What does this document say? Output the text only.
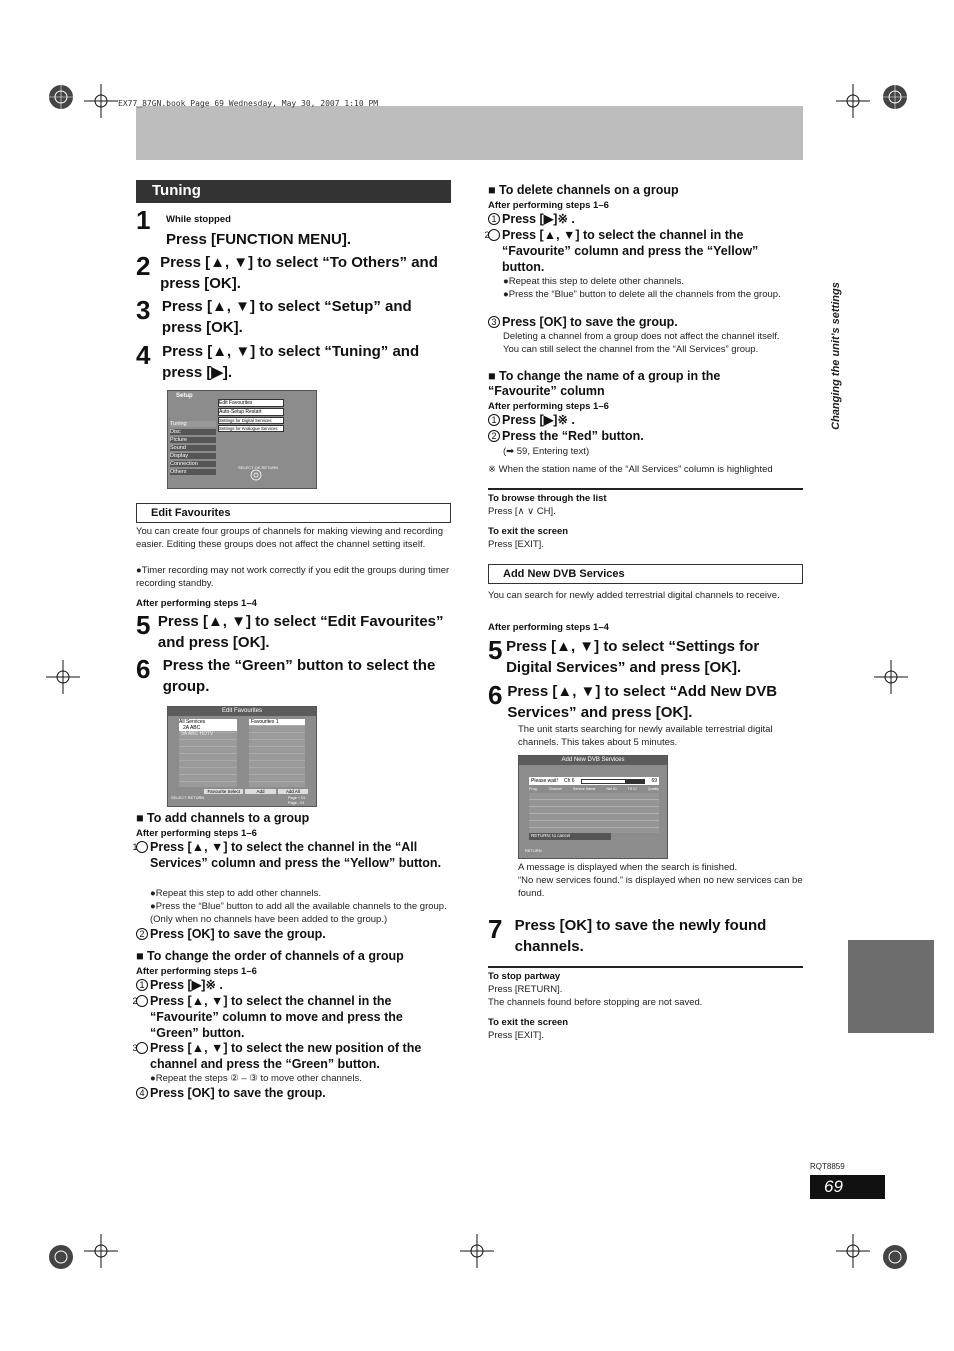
EX77_87GN.book Page 69 Wednesday, May 30, 2007 1:10 PM
Tuning
Changing the unit’s settings
RQT8859
69
While stopped
1
Press [FUNCTION MENU].
2 Press [▲, ▼] to select “To Others” and press [OK].
3 Press [▲, ▼] to select “Setup” and press [OK].
4 Press [▲, ▼] to select “Tuning” and press [▶].
Setup
Tuning
Disc
Picture
Sound
Display
Connection
Others
Edit Favourites
Auto-Setup Restart
Settings for Digital Services
Settings for Analogue Services
SELECT OK RETURN
Edit Favourites
You can create four groups of channels for making viewing and recording easier. Editing these groups does not affect the channel setting itself.
●Timer recording may not work correctly if you edit the groups during timer recording standby.
After performing steps 1–4
5 Press [▲, ▼] to select “Edit Favourites” and press [OK].
6 Press the “Green” button to select the group.
Edit Favourites
All Services
2A ABC
3A ABC HDTV
Favourites 1
Favourite Select	Add	Add All
SELECT RETURN	Page + 01
Page - 01
■ To add channels to a group
After performing steps 1–6
1 Press [▲, ▼] to select the channel in the “All Services” column and press the “Yellow” button.
●Repeat this step to add other channels.
●Press the “Blue” button to add all the available channels to the group. (Only when no channels have been added to the group.)
2 Press [OK] to save the group.
■ To change the order of channels of a group
After performing steps 1–6
1 Press [▶]※ .
2 Press [▲, ▼] to select the channel in the “Favourite” column to move and press the “Green” button.
3 Press [▲, ▼] to select the new position of the channel and press the “Green” button.
●Repeat the steps ② – ③ to move other channels.
4 Press [OK] to save the group.
■ To delete channels on a group
After performing steps 1–6
1 Press [▶]※ .
2 Press [▲, ▼] to select the channel in the “Favourite” column and press the “Yellow” button.
●Repeat this step to delete other channels.
●Press the “Blue” button to delete all the channels from the group.
3 Press [OK] to save the group.
Deleting a channel from a group does not affect the channel itself. You can still select the channel from the “All Services” group.
■ To change the name of a group in the “Favourite” column
After performing steps 1–6
1 Press [▶]※ .
2 Press the “Red” button.
(➡ 59, Entering text)
※ When the station name of the “All Services” column is highlighted
To browse through the list
Press [∧ ∨ CH].
To exit the screen
Press [EXIT].
Add New DVB Services
You can search for newly added terrestrial digital channels to receive.
After performing steps 1–4
5 Press [▲, ▼] to select “Settings for Digital Services” and press [OK].
6 Press [▲, ▼] to select “Add New DVB Services” and press [OK].
The unit starts searching for newly available terrestrial digital channels. This takes about 5 minutes.
Add New DVB Services
Please wait! Ch 6	69
Prog.	Channel	Service Name	Net ID	TS ID	Quality
RETURN: to cancel
RETURN
A message is displayed when the search is finished.
“No new services found.” is displayed when no new services can be found.
7 Press [OK] to save the newly found channels.
To stop partway
Press [RETURN].
The channels found before stopping are not saved.
To exit the screen
Press [EXIT].
